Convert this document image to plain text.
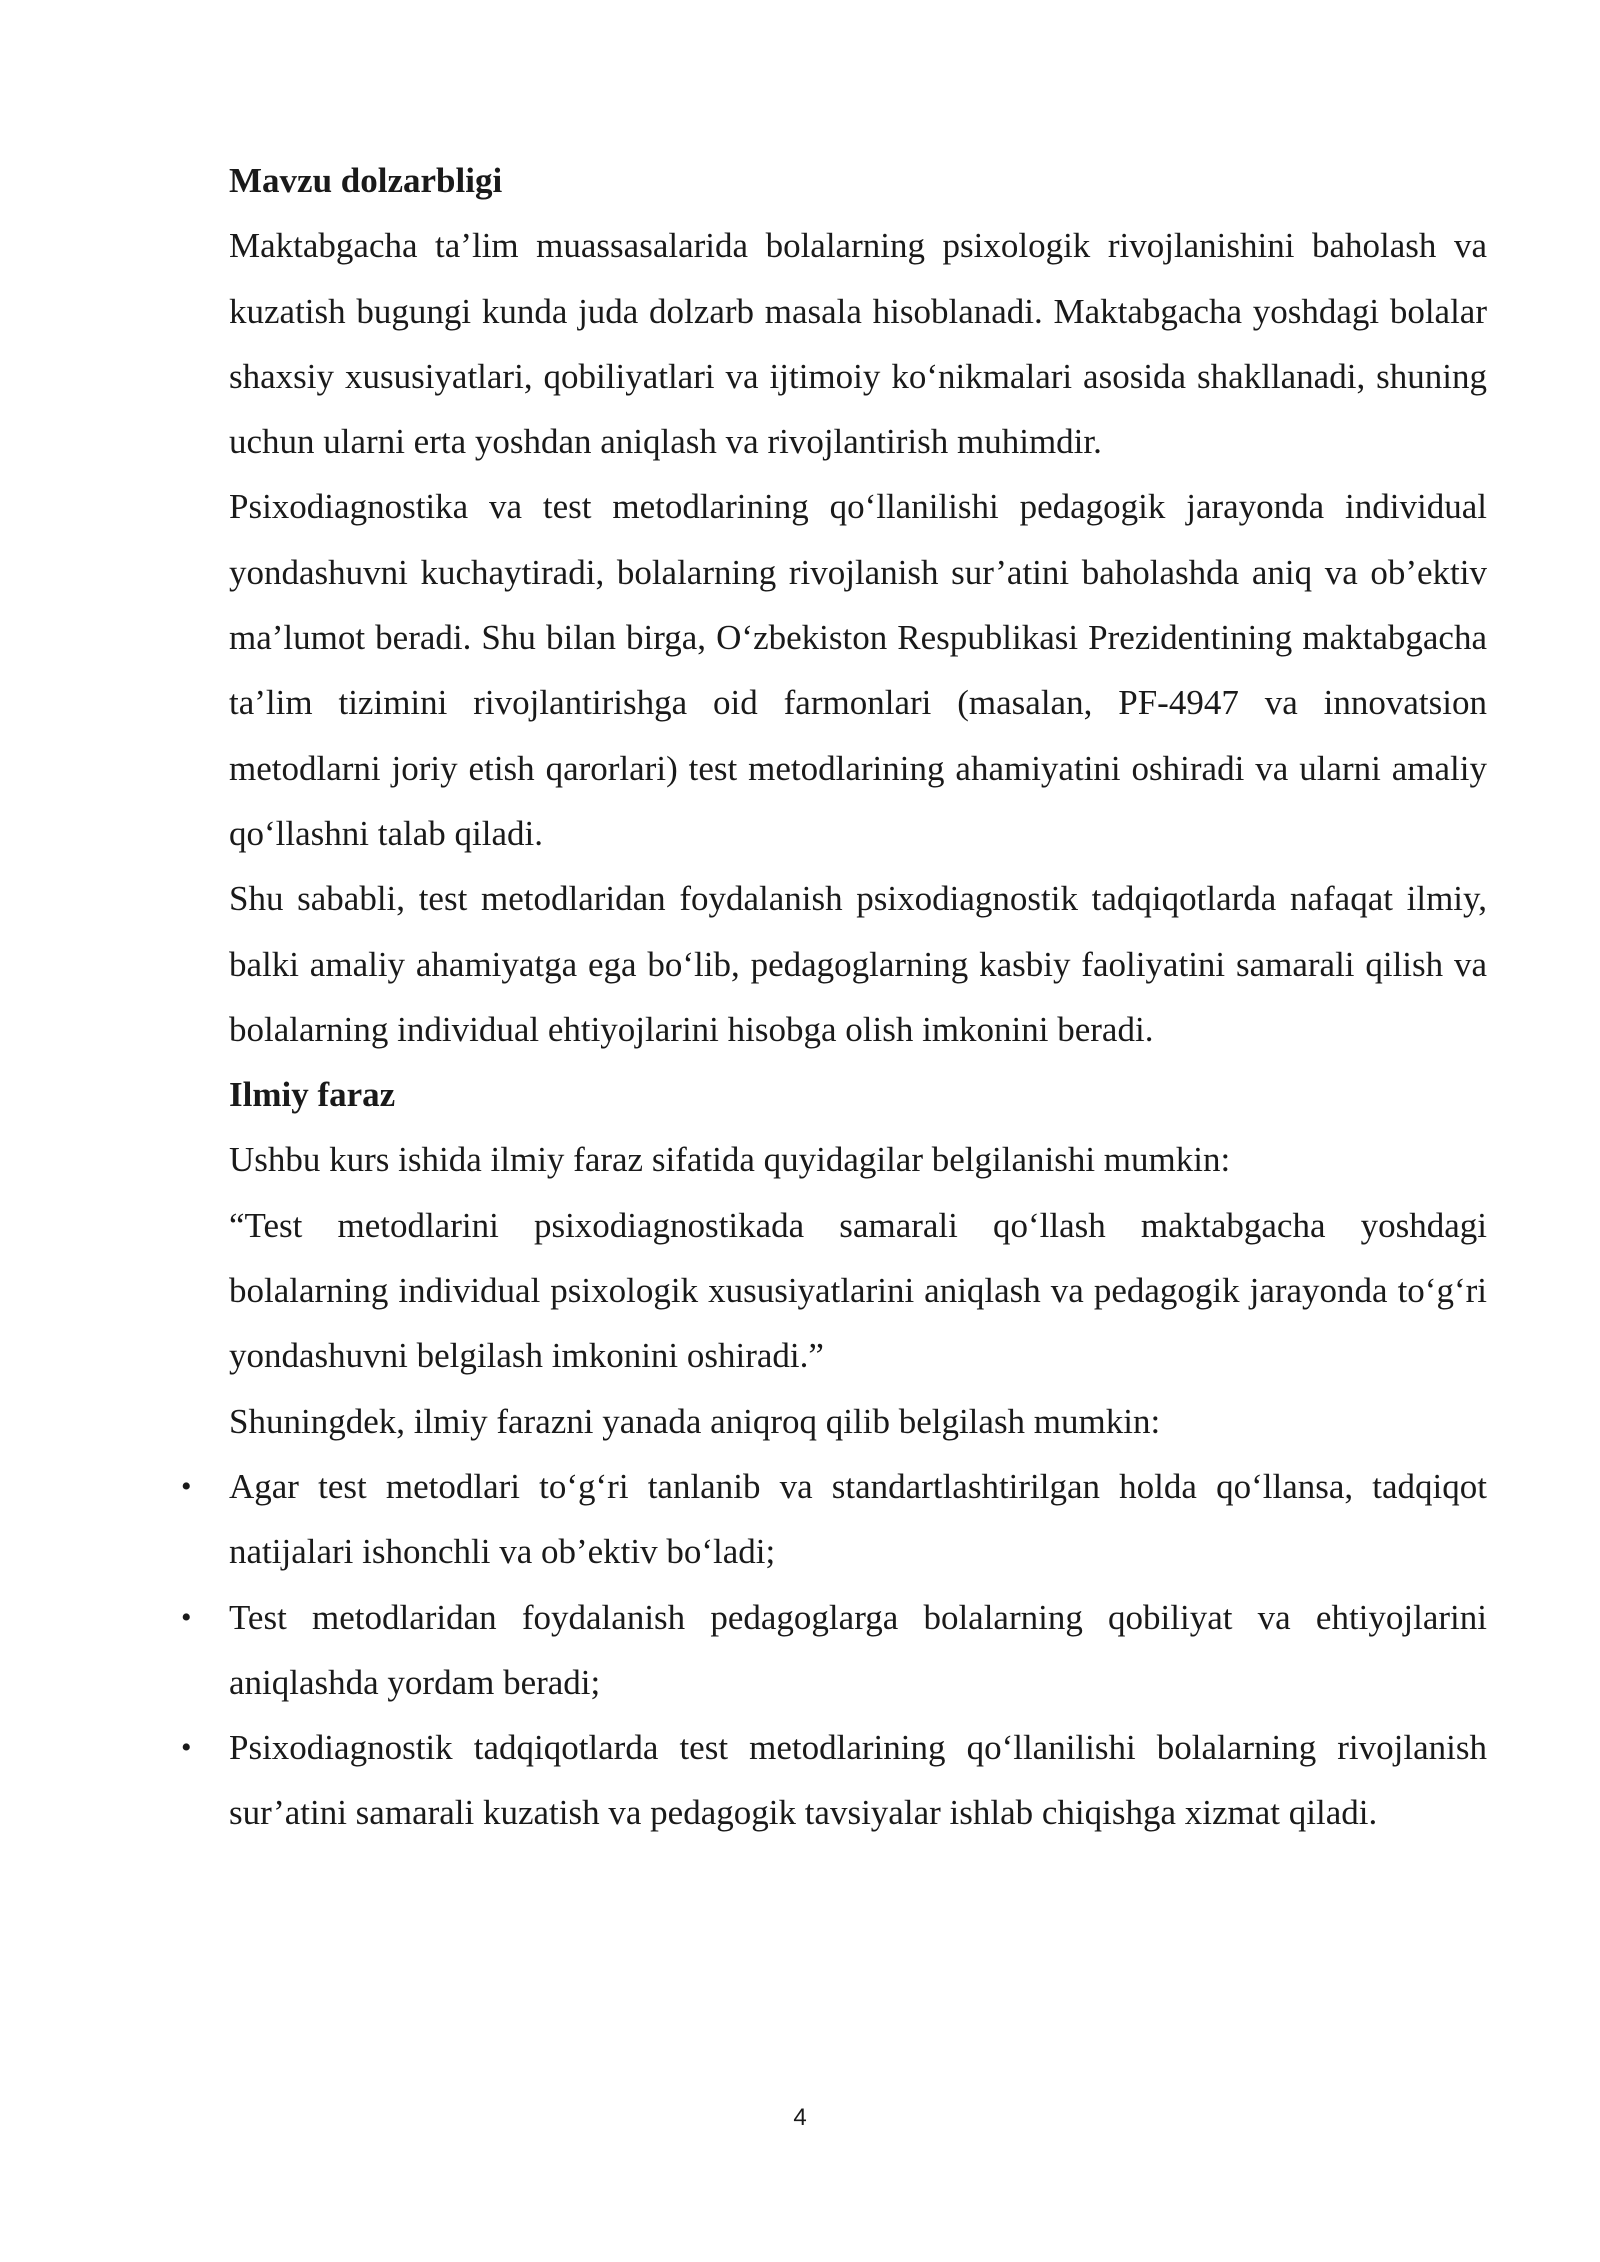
Mavzu dolzarbligi

Maktabgacha ta’lim muassasalarida bolalarning psixologik rivojlanishini baholash va kuzatish bugungi kunda juda dolzarb masala hisoblanadi. Maktabgacha yoshdagi bolalar shaxsiy xususiyatlari, qobiliyatlari va ijtimoiy ko‘nikmalari asosida shakllanadi, shuning uchun ularni erta yoshdan aniqlash va rivojlantirish muhimdir.

Psixodiagnostika va test metodlarining qo‘llanilishi pedagogik jarayonda individual yondashuvni kuchaytiradi, bolalarning rivojlanish sur’atini baholashda aniq va ob’ektiv ma’lumot beradi. Shu bilan birga, O‘zbekiston Respublikasi Prezidentining maktabgacha ta’lim tizimini rivojlantirishga oid farmonlari (masalan, PF-4947 va innovatsion metodlarni joriy etish qarorlari) test metodlarining ahamiyatini oshiradi va ularni amaliy qo‘llashni talab qiladi.

Shu sababli, test metodlaridan foydalanish psixodiagnostik tadqiqotlarda nafaqat ilmiy, balki amaliy ahamiyatga ega bo‘lib, pedagoglarning kasbiy faoliyatini samarali qilish va bolalarning individual ehtiyojlarini hisobga olish imkonini beradi.

Ilmiy faraz

Ushbu kurs ishida ilmiy faraz sifatida quyidagilar belgilanishi mumkin:

“Test metodlarini psixodiagnostikada samarali qo‘llash maktabgacha yoshdagi bolalarning individual psixologik xususiyatlarini aniqlash va pedagogik jarayonda to‘g‘ri yondashuvni belgilash imkonini oshiradi.”

Shuningdek, ilmiy farazni yanada aniqroq qilib belgilash mumkin:

• Agar test metodlari to‘g‘ri tanlanib va standartlashtirilgan holda qo‘llansa, tadqiqot natijalari ishonchli va ob’ektiv bo‘ladi;
• Test metodlaridan foydalanish pedagoglarga bolalarning qobiliyat va ehtiyojlarini aniqlashda yordam beradi;
• Psixodiagnostik tadqiqotlarda test metodlarining qo‘llanilishi bolalarning rivojlanish sur’atini samarali kuzatish va pedagogik tavsiyalar ishlab chiqishga xizmat qiladi.
4
